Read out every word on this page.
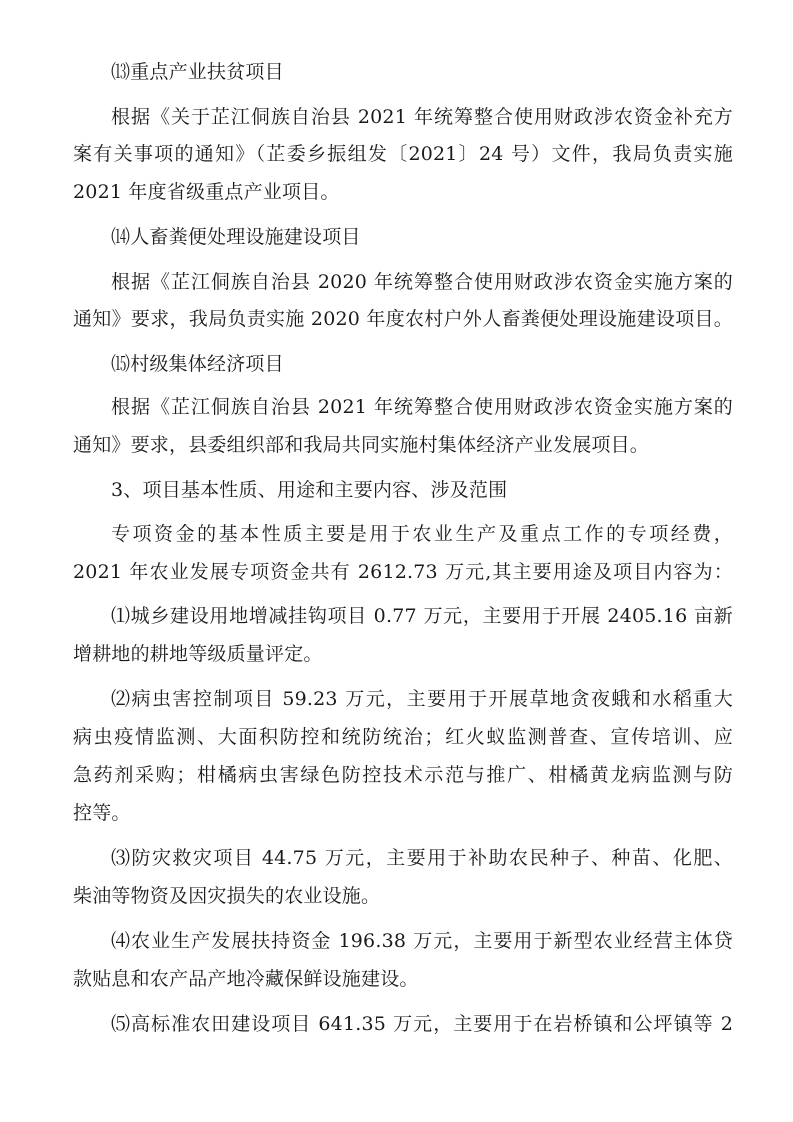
⒀重点产业扶贫项目
根据《关于芷江侗族自治县 2021 年统筹整合使用财政涉农资金补充方
案有关事项的通知》（芷委乡振组发〔2021〕24 号）文件，我局负责实施
2021 年度省级重点产业项目。
⒁人畜粪便处理设施建设项目
根据《芷江侗族自治县 2020 年统筹整合使用财政涉农资金实施方案的
通知》要求，我局负责实施 2020 年度农村户外人畜粪便处理设施建设项目。
⒂村级集体经济项目
根据《芷江侗族自治县 2021 年统筹整合使用财政涉农资金实施方案的
通知》要求，县委组织部和我局共同实施村集体经济产业发展项目。
3、项目基本性质、用途和主要内容、涉及范围
专项资金的基本性质主要是用于农业生产及重点工作的专项经费，
2021 年农业发展专项资金共有 2612.73 万元,其主要用途及项目内容为：
⑴城乡建设用地增减挂钩项目 0.77 万元，主要用于开展 2405.16 亩新
增耕地的耕地等级质量评定。
⑵病虫害控制项目 59.23 万元，主要用于开展草地贪夜蛾和水稻重大
病虫疫情监测、大面积防控和统防统治；红火蚁监测普查、宣传培训、应
急药剂采购；柑橘病虫害绿色防控技术示范与推广、柑橘黄龙病监测与防
控等。
⑶防灾救灾项目 44.75 万元，主要用于补助农民种子、种苗、化肥、
柴油等物资及因灾损失的农业设施。
⑷农业生产发展扶持资金 196.38 万元，主要用于新型农业经营主体贷
款贴息和农产品产地冷藏保鲜设施建设。
⑸高标准农田建设项目 641.35 万元，主要用于在岩桥镇和公坪镇等 2
